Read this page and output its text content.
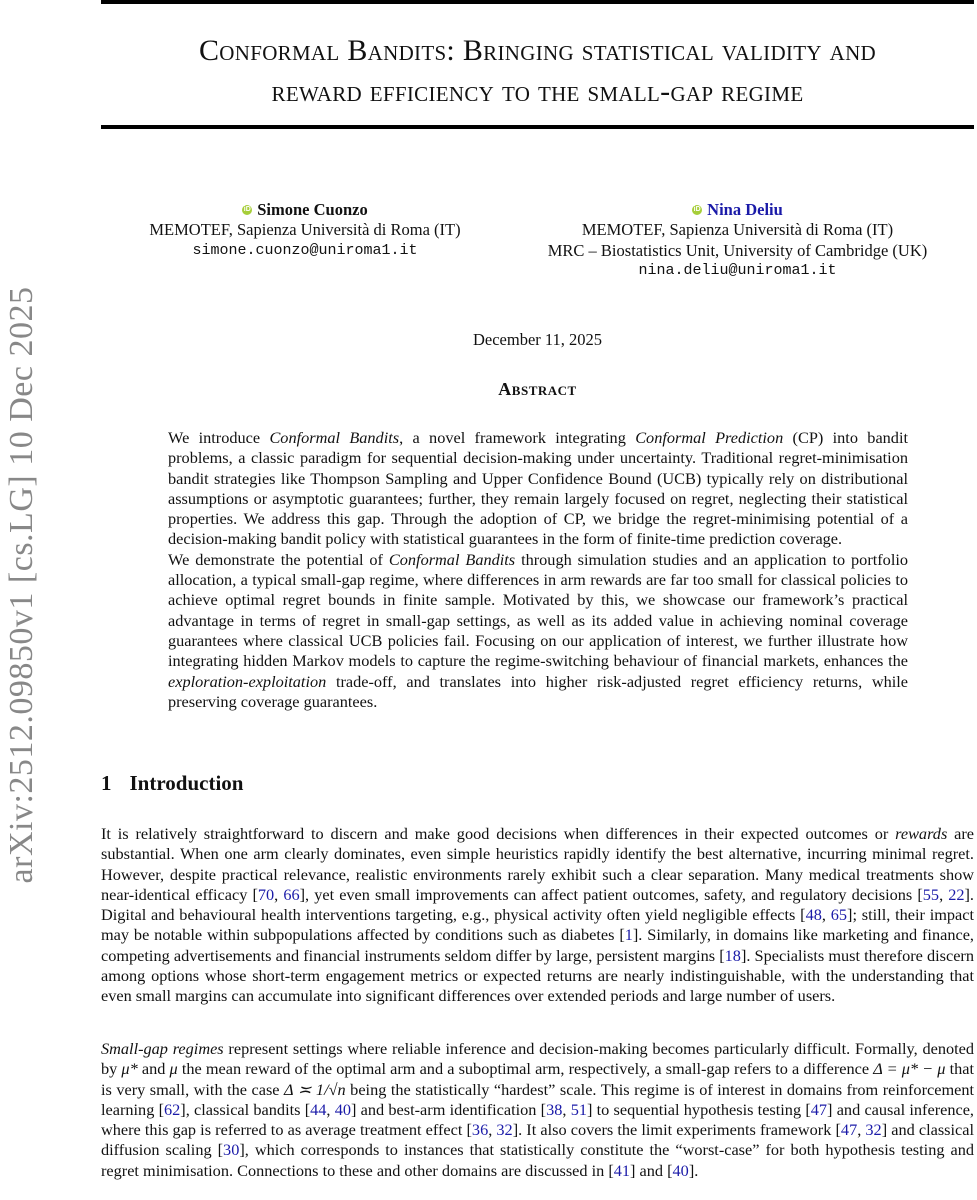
arXiv:2512.09850v1 [cs.LG] 10 Dec 2025
Conformal Bandits: Bringing statistical validity and
reward efficiency to the small-gap regime
iD Simone Cuonzo
MEMOTEF, Sapienza Università di Roma (IT)
simone.cuonzo@uniroma1.it
iD Nina Deliu
MEMOTEF, Sapienza Università di Roma (IT)
MRC – Biostatistics Unit, University of Cambridge (UK)
nina.deliu@uniroma1.it
December 11, 2025
Abstract

We introduce Conformal Bandits, a novel framework integrating Conformal Prediction (CP) into bandit problems, a classic paradigm for sequential decision-making under uncertainty. Traditional regret-minimisation bandit strategies like Thompson Sampling and Upper Confidence Bound (UCB) typically rely on distributional assumptions or asymptotic guarantees; further, they remain largely focused on regret, neglecting their statistical properties. We address this gap. Through the adoption of CP, we bridge the regret-minimising potential of a decision-making bandit policy with statistical guarantees in the form of finite-time prediction coverage.

We demonstrate the potential of Conformal Bandits through simulation studies and an application to portfolio allocation, a typical small-gap regime, where differences in arm rewards are far too small for classical policies to achieve optimal regret bounds in finite sample. Motivated by this, we showcase our framework’s practical advantage in terms of regret in small-gap settings, as well as its added value in achieving nominal coverage guarantees where classical UCB policies fail. Focusing on our application of interest, we further illustrate how integrating hidden Markov models to capture the regime-switching behaviour of financial markets, enhances the exploration-exploitation trade-off, and translates into higher risk-adjusted regret efficiency returns, while preserving coverage guarantees.

1 Introduction

It is relatively straightforward to discern and make good decisions when differences in their expected outcomes or rewards are substantial. When one arm clearly dominates, even simple heuristics rapidly identify the best alternative, incurring minimal regret. However, despite practical relevance, realistic environments rarely exhibit such a clear separation. Many medical treatments show near-identical efficacy [70, 66], yet even small improvements can affect patient outcomes, safety, and regulatory decisions [55, 22]. Digital and behavioural health interventions targeting, e.g., physical activity often yield negligible effects [48, 65]; still, their impact may be notable within subpopulations affected by conditions such as diabetes [1]. Similarly, in domains like marketing and finance, competing advertisements and financial instruments seldom differ by large, persistent margins [18]. Specialists must therefore discern among options whose short-term engagement metrics or expected returns are nearly indistinguishable, with the understanding that even small margins can accumulate into significant differences over extended periods and large number of users.

Small-gap regimes represent settings where reliable inference and decision-making becomes particularly difficult. Formally, denoted by μ* and μ the mean reward of the optimal arm and a suboptimal arm, respectively, a small-gap refers to a difference Δ = μ* − μ that is very small, with the case Δ ≍ 1/√n being the statistically “hardest” scale. This regime is of interest in domains from reinforcement learning [62], classical bandits [44, 40] and best-arm identification [38, 51] to sequential hypothesis testing [47] and causal inference, where this gap is referred to as average treatment effect [36, 32]. It also covers the limit experiments framework [47, 32] and classical diffusion scaling [30], which corresponds to instances that statistically constitute the “worst-case” for both hypothesis testing and regret minimisation. Connections to these and other domains are discussed in [41] and [40].
